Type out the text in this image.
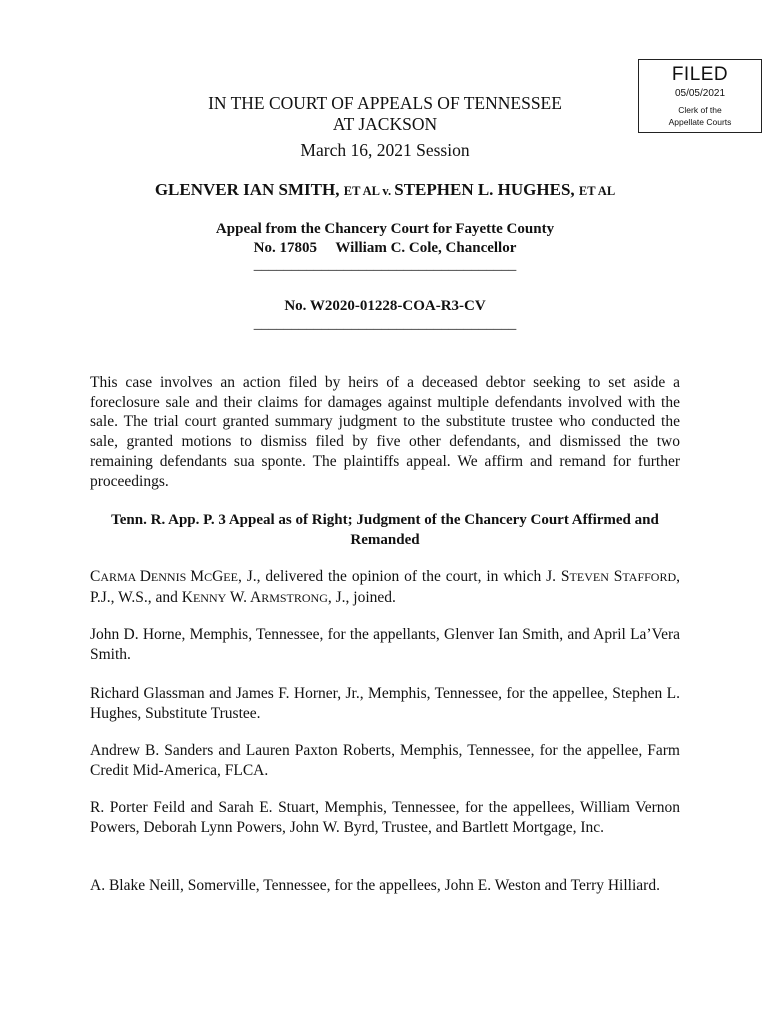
FILED
05/05/2021
Clerk of the
Appellate Courts
IN THE COURT OF APPEALS OF TENNESSEE
AT JACKSON
March 16, 2021 Session
GLENVER IAN SMITH, ET AL v. STEPHEN L. HUGHES, ET AL
Appeal from the Chancery Court for Fayette County
No. 17805     William C. Cole, Chancellor
___________________________________
No. W2020-01228-COA-R3-CV
___________________________________
This case involves an action filed by heirs of a deceased debtor seeking to set aside a foreclosure sale and their claims for damages against multiple defendants involved with the sale. The trial court granted summary judgment to the substitute trustee who conducted the sale, granted motions to dismiss filed by five other defendants, and dismissed the two remaining defendants sua sponte. The plaintiffs appeal. We affirm and remand for further proceedings.
Tenn. R. App. P. 3 Appeal as of Right; Judgment of the Chancery Court Affirmed and Remanded
CARMA DENNIS MCGEE, J., delivered the opinion of the court, in which J. STEVEN STAFFORD, P.J., W.S., and KENNY W. ARMSTRONG, J., joined.
John D. Horne, Memphis, Tennessee, for the appellants, Glenver Ian Smith, and April La’Vera Smith.
Richard Glassman and James F. Horner, Jr., Memphis, Tennessee, for the appellee, Stephen L. Hughes, Substitute Trustee.
Andrew B. Sanders and Lauren Paxton Roberts, Memphis, Tennessee, for the appellee, Farm Credit Mid-America, FLCA.
R. Porter Feild and Sarah E. Stuart, Memphis, Tennessee, for the appellees, William Vernon Powers, Deborah Lynn Powers, John W. Byrd, Trustee, and Bartlett Mortgage, Inc.
A. Blake Neill, Somerville, Tennessee, for the appellees, John E. Weston and Terry Hilliard.
